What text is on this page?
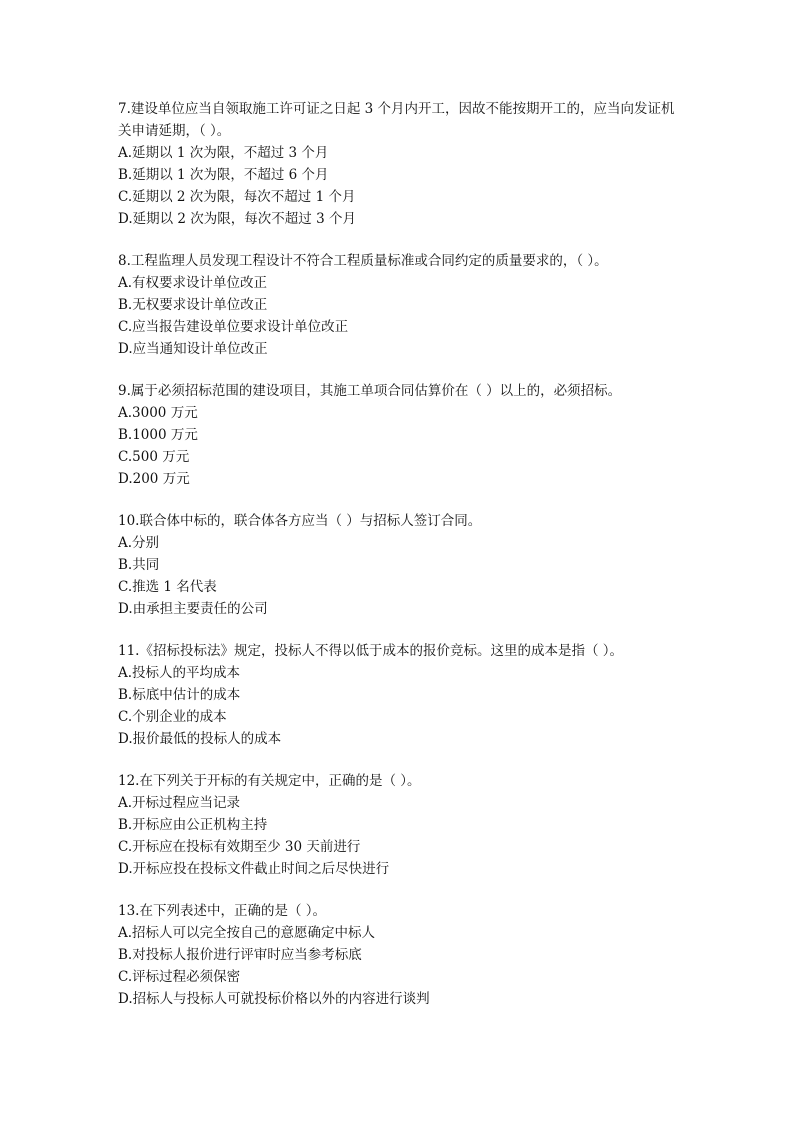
7.建设单位应当自领取施工许可证之日起 3 个月内开工，因故不能按期开工的，应当向发证机关申请延期，（ ）。

A.延期以 1 次为限，不超过 3 个月
B.延期以 1 次为限，不超过 6 个月
C.延期以 2 次为限，每次不超过 1 个月
D.延期以 2 次为限，每次不超过 3 个月

8.工程监理人员发现工程设计不符合工程质量标准或合同约定的质量要求的，（ ）。

A.有权要求设计单位改正
B.无权要求设计单位改正
C.应当报告建设单位要求设计单位改正
D.应当通知设计单位改正

9.属于必须招标范围的建设项目，其施工单项合同估算价在（ ）以上的，必须招标。

A.3000 万元
B.1000 万元
C.500 万元
D.200 万元

10.联合体中标的，联合体各方应当（ ）与招标人签订合同。

A.分别
B.共同
C.推选 1 名代表
D.由承担主要责任的公司

11.《招标投标法》规定，投标人不得以低于成本的报价竞标。这里的成本是指（ ）。

A.投标人的平均成本
B.标底中估计的成本
C.个别企业的成本
D.报价最低的投标人的成本

12.在下列关于开标的有关规定中，正确的是（ ）。

A.开标过程应当记录
B.开标应由公正机构主持
C.开标应在投标有效期至少 30 天前进行
D.开标应投在投标文件截止时间之后尽快进行

13.在下列表述中，正确的是（ ）。

A.招标人可以完全按自己的意愿确定中标人
B.对投标人报价进行评审时应当参考标底
C.评标过程必须保密
D.招标人与投标人可就投标价格以外的内容进行谈判
